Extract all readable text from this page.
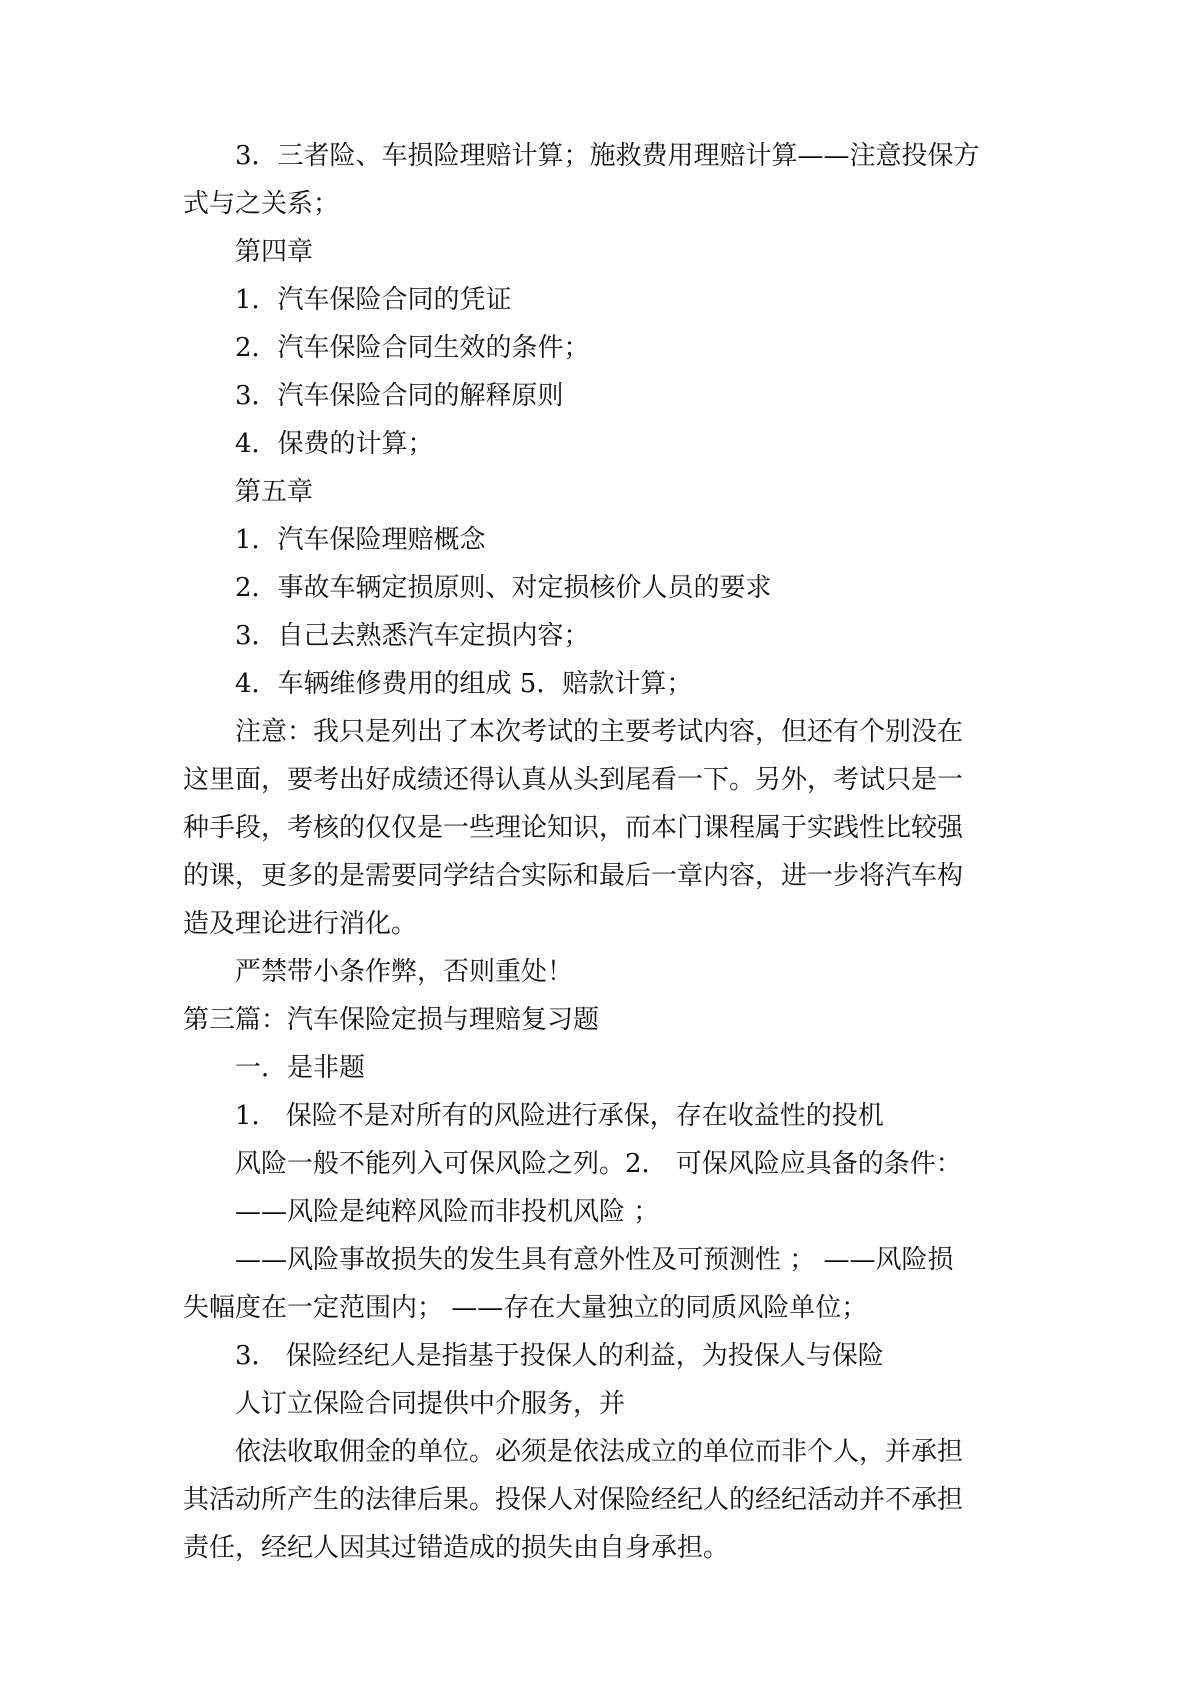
3．三者险、车损险理赔计算；施救费用理赔计算——注意投保方
式与之关系；

第四章

1．汽车保险合同的凭证

2．汽车保险合同生效的条件；

3．汽车保险合同的解释原则

4．保费的计算；

第五章

1．汽车保险理赔概念

2．事故车辆定损原则、对定损核价人员的要求

3．自己去熟悉汽车定损内容；

4．车辆维修费用的组成 5．赔款计算；

注意：我只是列出了本次考试的主要考试内容，但还有个别没在
这里面，要考出好成绩还得认真从头到尾看一下。另外，考试只是一
种手段，考核的仅仅是一些理论知识，而本门课程属于实践性比较强
的课，更多的是需要同学结合实际和最后一章内容，进一步将汽车构
造及理论进行消化。

严禁带小条作弊，否则重处！

第三篇：汽车保险定损与理赔复习题

一．是非题

1． 保险不是对所有的风险进行承保，存在收益性的投机

风险一般不能列入可保风险之列。2． 可保风险应具备的条件：

——风险是纯粹风险而非投机风险 ；

——风险事故损失的发生具有意外性及可预测性 ； ——风险损
失幅度在一定范围内； ——存在大量独立的同质风险单位；

3． 保险经纪人是指基于投保人的利益，为投保人与保险

人订立保险合同提供中介服务，并

依法收取佣金的单位。必须是依法成立的单位而非个人，并承担
其活动所产生的法律后果。投保人对保险经纪人的经纪活动并不承担
责任，经纪人因其过错造成的损失由自身承担。
